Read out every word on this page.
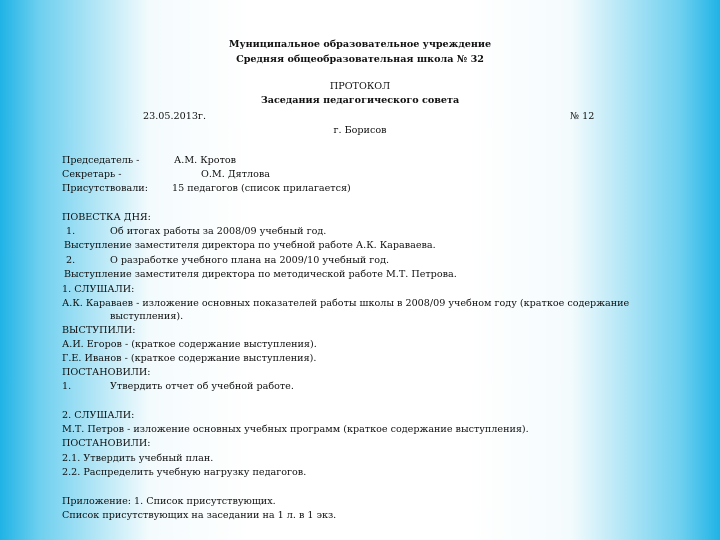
Муниципальное образовательное учреждение
Средняя общеобразовательная школа № 32
ПРОТОКОЛ
Заседания педагогического совета
23.05.2013г.	№ 12
г. Борисов
Председатель -	А.М. Кротов
Секретарь -	О.М. Дятлова
Присутствовали:	15 педагогов (список прилагается)
ПОВЕСТКА ДНЯ:
1.	Об итогах работы за 2008/09 учебный год.
Выступление заместителя директора по учебной работе А.К. Караваева.
2.	О разработке учебного плана на 2009/10 учебный год.
Выступление заместителя директора по методической работе М.Т. Петрова.
1. СЛУШАЛИ:
А.К. Караваев - изложение основных показателей работы школы в 2008/09 учебном году (краткое содержание
выступления).
ВЫСТУПИЛИ:
А.И. Егоров - (краткое содержание выступления).
Г.Е. Иванов - (краткое содержание выступления).
ПОСТАНОВИЛИ:
1.	Утвердить отчет об учебной работе.
2. СЛУШАЛИ:
М.Т. Петров - изложение основных учебных программ (краткое содержание выступления).
ПОСТАНОВИЛИ:
2.1. Утвердить учебный план.
2.2. Распределить учебную нагрузку педагогов.
Приложение: 1. Список присутствующих.
Список присутствующих на заседании на 1 л. в 1 экз.
